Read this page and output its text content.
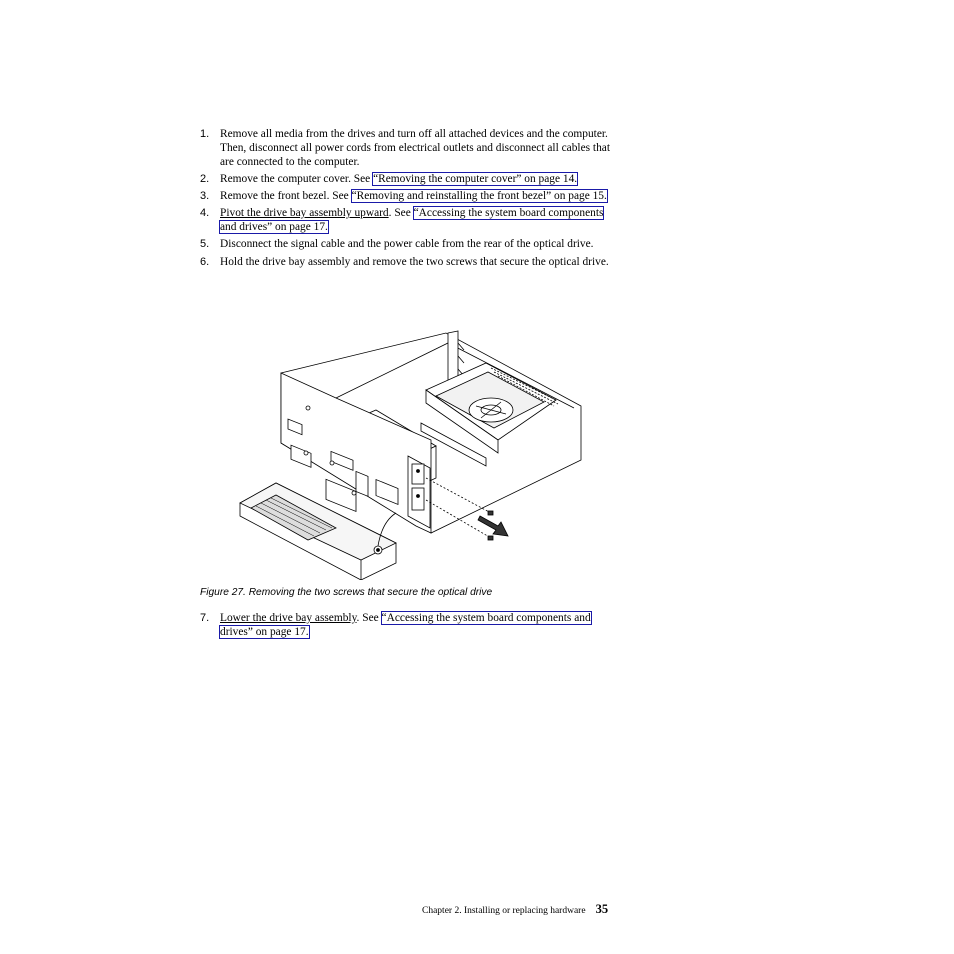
1. Remove all media from the drives and turn off all attached devices and the computer. Then, disconnect all power cords from electrical outlets and disconnect all cables that are connected to the computer.
2. Remove the computer cover. See “Removing the computer cover” on page 14.
3. Remove the front bezel. See “Removing and reinstalling the front bezel” on page 15.
4. Pivot the drive bay assembly upward. See “Accessing the system board components and drives” on page 17.
5. Disconnect the signal cable and the power cable from the rear of the optical drive.
6. Hold the drive bay assembly and remove the two screws that secure the optical drive.
Figure 27. Removing the two screws that secure the optical drive
7. Lower the drive bay assembly. See “Accessing the system board components and drives” on page 17.
Chapter 2. Installing or replacing hardware 35
